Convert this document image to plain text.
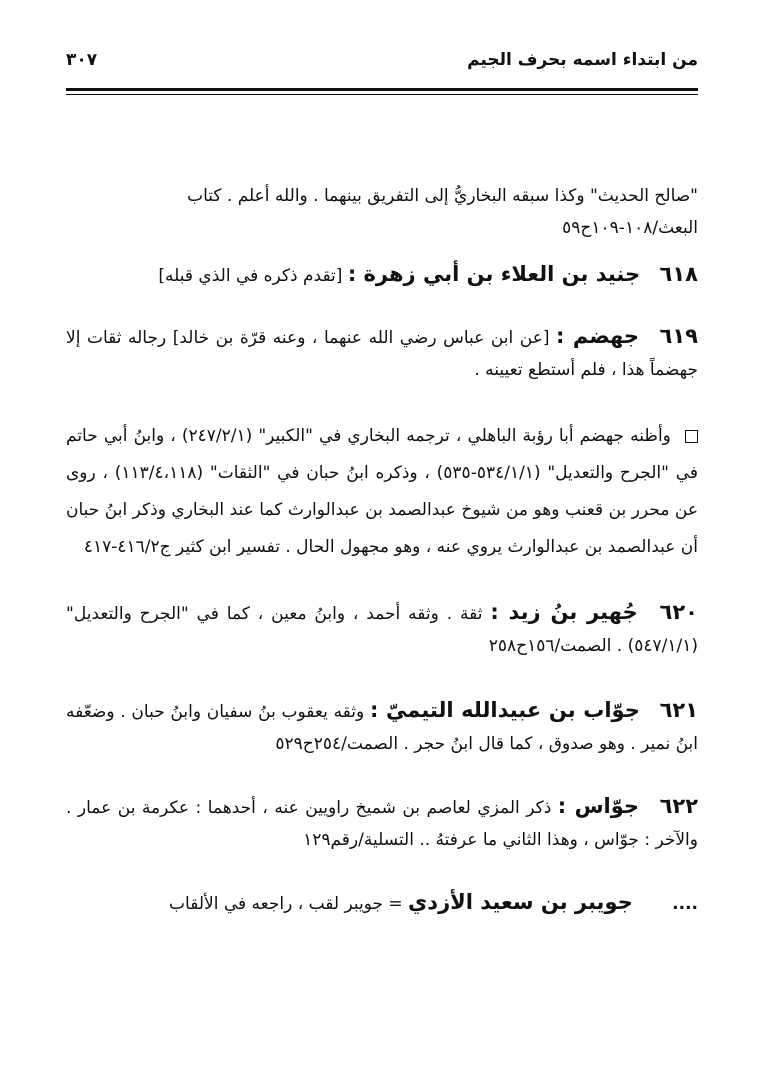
من ابتداء اسمه بحرف الجيم
٣٠٧

"صالح الحديث" وكذا سبقه البخاريُّ إلى التفريق بينهما . والله أعلم . كتاب

البعث/١٠٨-١٠٩ح٥٩

٦١٨ جنيد بن العلاء بن أبي زهرة : [تقدم ذكره في الذي قبله]

٦١٩ جهضم : [عن ابن عباس رضي الله عنهما ، وعنه قرّة بن خالد] رجاله ثقات إلا جهضماً هذا ، فلم أستطع تعيينه .

وأظنه جهضم أبا رؤبة الباهلي ، ترجمه البخاري في "الكبير" (٢٤٧/٢/١) ، وابنُ أبي حاتم في "الجرح والتعديل" (٥٣٤/١/١-٥٣٥) ، وذكره ابنُ حبان في "الثقات" (١١٣/٤،١١٨) ، روى عن محرر بن قعنب وهو من شيوخ عبدالصمد بن عبدالوارث كما عند البخاري وذكر ابنُ حبان أن عبدالصمد بن عبدالوارث يروي عنه ، وهو مجهول الحال . تفسير ابن كثير ج٤١٦/٢-٤١٧

٦٢٠ جُهير بنُ زيد : ثقة . وثقه أحمد ، وابنُ معين ، كما في "الجرح والتعديل" (٥٤٧/١/١) . الصمت/١٥٦ح٢٥٨

٦٢١ جوّاب بن عبيدالله التيميّ : وثقه يعقوب بنُ سفيان وابنُ حبان . وضعّفه ابنُ نمير . وهو صدوق ، كما قال ابنُ حجر . الصمت/٢٥٤ح٥٢٩

٦٢٢ جوّاس : ذكر المزي لعاصم بن شميخ راويين عنه ، أحدهما : عكرمة بن عمار . والآخر : جوّاس ، وهذا الثاني ما عرفتهُ .. التسلية/رقم١٢٩

.... جويبر بن سعيد الأزدي = جويبر لقب ، راجعه في الألقاب
